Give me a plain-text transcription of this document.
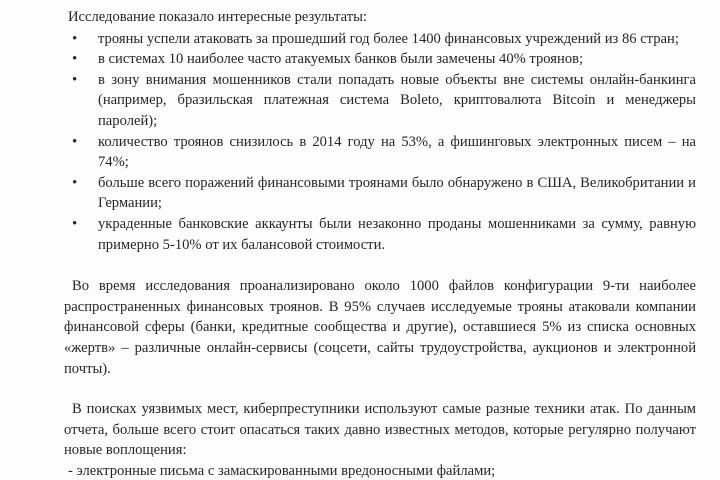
Исследование показало интересные результаты:

• трояны успели атаковать за прошедший год более 1400 финансовых учреждений из 86 стран;
• в системах 10 наиболее часто атакуемых банков были замечены 40% троянов;
• в зону внимания мошенников стали попадать новые объекты вне системы онлайн-банкинга (например, бразильская платежная система Boleto, криптовалюта Bitcoin и менеджеры паролей);
• количество троянов снизилось в 2014 году на 53%, а фишинговых электронных писем – на 74%;
• больше всего поражений финансовыми троянами было обнаружено в США, Великобритании и Германии;
• украденные банковские аккаунты были незаконно проданы мошенниками за сумму, равную примерно 5-10% от их балансовой стоимости.

Во время исследования проанализировано около 1000 файлов конфигурации 9-ти наиболее распространенных финансовых троянов. В 95% случаев исследуемые трояны атаковали компании финансовой сферы (банки, кредитные сообщества и другие), оставшиеся 5% из списка основных «жертв» – различные онлайн-сервисы (соцсети, сайты трудоустройства, аукционов и электронной почты).

В поисках уязвимых мест, киберпреступники используют самые разные техники атак. По данным отчета, больше всего стоит опасаться таких давно известных методов, которые регулярно получают новые воплощения:

- электронные письма с замаскированными вредоносными файлами;
